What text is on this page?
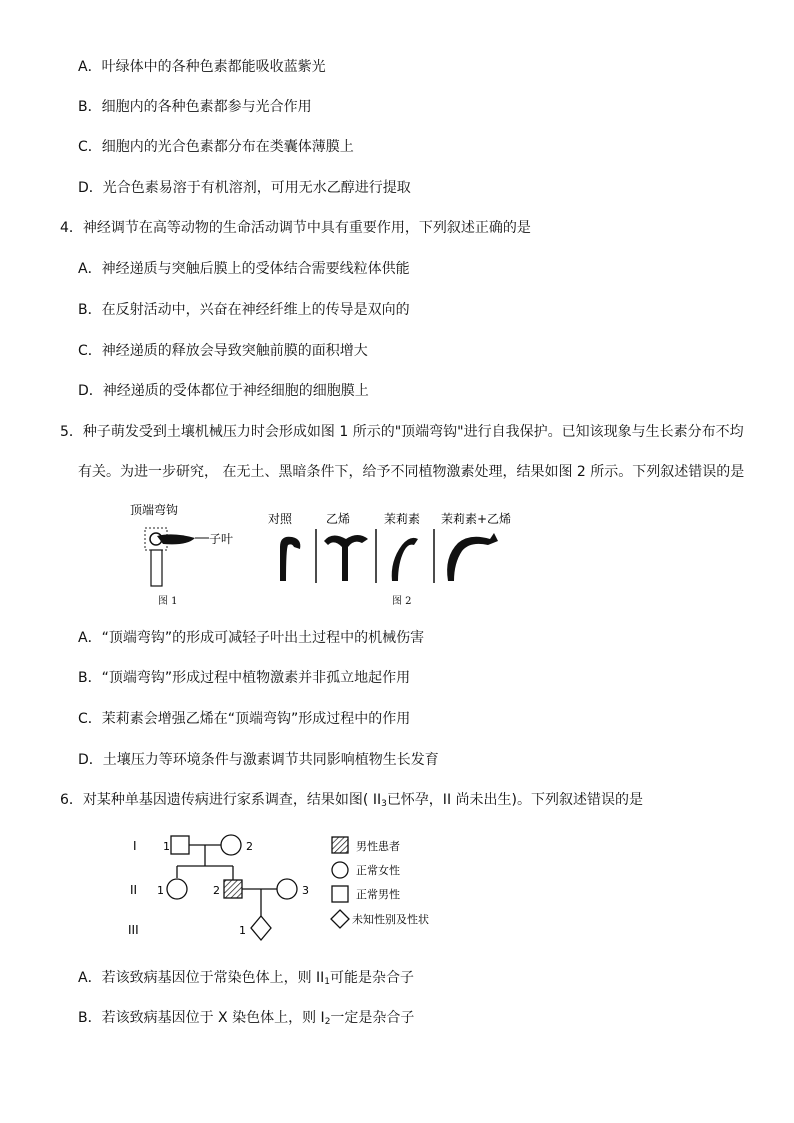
A．叶绿体中的各种色素都能吸收蓝紫光
B．细胞内的各种色素都参与光合作用
C．细胞内的光合色素都分布在类囊体薄膜上
D．光合色素易溶于有机溶剂，可用无水乙醇进行提取
4．神经调节在高等动物的生命活动调节中具有重要作用，下列叙述正确的是
A．神经递质与突触后膜上的受体结合需要线粒体供能
B．在反射活动中，兴奋在神经纤维上的传导是双向的
C．神经递质的释放会导致突触前膜的面积增大
D．神经递质的受体都位于神经细胞的细胞膜上
5．种子萌发受到土壤机械压力时会形成如图 1 所示的"顶端弯钩"进行自我保护。已知该现象与生长素分布不均
有关。为进一步研究， 在无土、黑暗条件下，给予不同植物激素处理，结果如图 2 所示。下列叙述错误的是
顶端弯钩
子叶
图 1
对照	乙烯	茉莉素 茉莉素+乙烯
图 2
A．“顶端弯钩”的形成可减轻子叶出土过程中的机械伤害
B．“顶端弯钩”形成过程中植物激素并非孤立地起作用
C．茉莉素会增强乙烯在“顶端弯钩”形成过程中的作用
D．土壤压力等环境条件与激素调节共同影响植物生长发育
6．对某种单基因遗传病进行家系调查，结果如图( $II_3$已怀孕，II 尚未出生)。下列叙述错误的是
I
II
III
1	2
1	2	3
1
男性患者
正常女性
正常男性
未知性别及性状
A．若该致病基因位于常染色体上，则 $II_1$可能是杂合子
B．若该致病基因位于 X 染色体上，则 $I_2$一定是杂合子
